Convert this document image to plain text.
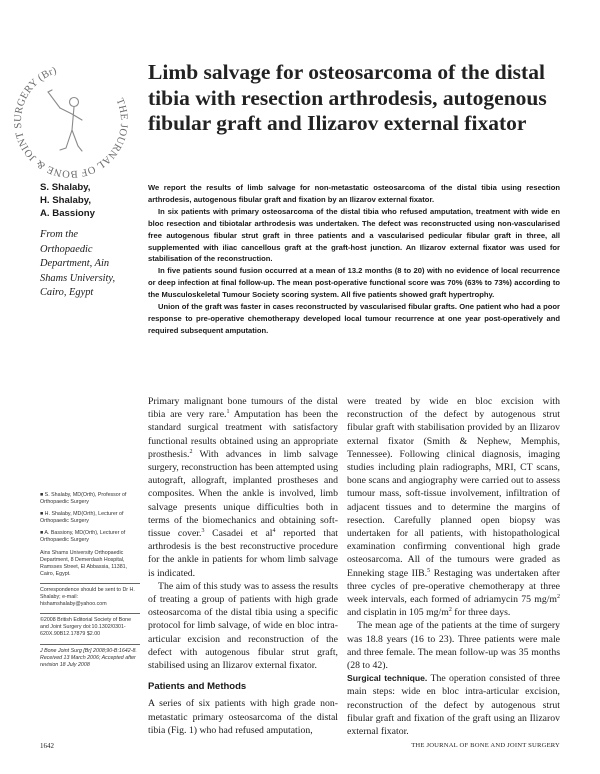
THE JOURNAL OF BONE & JOINT SURGERY (Br)	Limb salvage for osteosarcoma of the distal tibia with resection arthrodesis, autogenous fibular graft and Ilizarov external fixator
S. Shalaby,
H. Shalaby,
A. Bassiony
From the
Orthopaedic
Department, Ain
Shams University,
Cairo, Egypt

We report the results of limb salvage for non-metastatic osteosarcoma of the distal tibia using resection arthrodesis, autogenous fibular graft and fixation by an Ilizarov external fixator.

In six patients with primary osteosarcoma of the distal tibia who refused amputation, treatment with wide en bloc resection and tibiotalar arthrodesis was undertaken. The defect was reconstructed using non-vascularised free autogenous fibular strut graft in three patients and a vascularised pedicular fibular graft in three, all supplemented with iliac cancellous graft at the graft-host junction. An Ilizarov external fixator was used for stabilisation of the reconstruction.

In five patients sound fusion occurred at a mean of 13.2 months (8 to 20) with no evidence of local recurrence or deep infection at final follow-up. The mean post-operative functional score was 70% (63% to 73%) according to the Musculoskeletal Tumour Society scoring system. All five patients showed graft hypertrophy.

Union of the graft was faster in cases reconstructed by vascularised fibular grafts. One patient who had a poor response to pre-operative chemotherapy developed local tumour recurrence at one year post-operatively and required subsequent amputation.

■ S. Shalaby, MD(Orth), Professor of Orthopaedic Surgery

■ H. Shalaby, MD(Orth), Lecturer of Orthopaedic Surgery

■ A. Bassiony, MD(Orth), Lecturer of Orthopaedic Surgery

Ains Shams University Orthopaedic Department, 8 Demerdash Hospital, Ramsses Street, El Abbassia, 11381, Cairo, Egypt.

Correspondence should be sent to Dr H. Shalaby; e-mail: hishamshalaby@yahoo.com

©2008 British Editorial Society of Bone and Joint Surgery doi:10.1302/0301-620X.90B12.17879 $2.00

J Bone Joint Surg [Br] 2008;90-B:1642-8.

Received 13 March 2006; Accepted after revision 18 July 2008

Primary malignant bone tumours of the distal tibia are very rare.$^1$ Amputation has been the standard surgical treatment with satisfactory functional results obtained using an appropriate prosthesis.$^2$ With advances in limb salvage surgery, reconstruction has been attempted using autograft, allograft, implanted prostheses and composites. When the ankle is involved, limb salvage presents unique difficulties both in terms of the biomechanics and obtaining soft-tissue cover.$^3$ Casadei et $al^4$ reported that arthrodesis is the best reconstructive procedure for the ankle in patients for whom limb salvage is indicated.

The aim of this study was to assess the results of treating a group of patients with high grade osteosarcoma of the distal tibia using a specific protocol for limb salvage, of wide en bloc intra-articular excision and reconstruction of the defect with autogenous fibular strut graft, stabilised using an Ilizarov external fixator.

Patients and Methods

A series of six patients with high grade non-metastatic primary osteosarcoma of the distal tibia (Fig. 1) who had refused amputation,

were treated by wide en bloc excision with reconstruction of the defect by autogenous strut fibular graft with stabilisation provided by an Ilizarov external fixator (Smith & Nephew, Memphis, Tennessee). Following clinical diagnosis, imaging studies including plain radiographs, MRI, CT scans, bone scans and angiography were carried out to assess tumour mass, soft-tissue involvement, infiltration of adjacent tissues and to determine the margins of resection. Carefully planned open biopsy was undertaken for all patients, with histopathological examination confirming conventional high grade osteosarcoma. All of the tumours were graded as Enneking stage IIB.$^5$ Restaging was undertaken after three cycles of pre-operative chemotherapy at three week intervals, each formed of adriamycin 75 $mg/m^2$ and cisplatin in 105 $mg/m^2$ for three days.

The mean age of the patients at the time of surgery was 18.8 years (16 to 23). Three patients were male and three female. The mean follow-up was 35 months (28 to 42).

Surgical technique. The operation consisted of three main steps: wide en bloc intra-articular excision, reconstruction of the defect by autogenous strut fibular graft and fixation of the graft using an Ilizarov external fixator.

1642	THE JOURNAL OF BONE AND JOINT SURGERY
